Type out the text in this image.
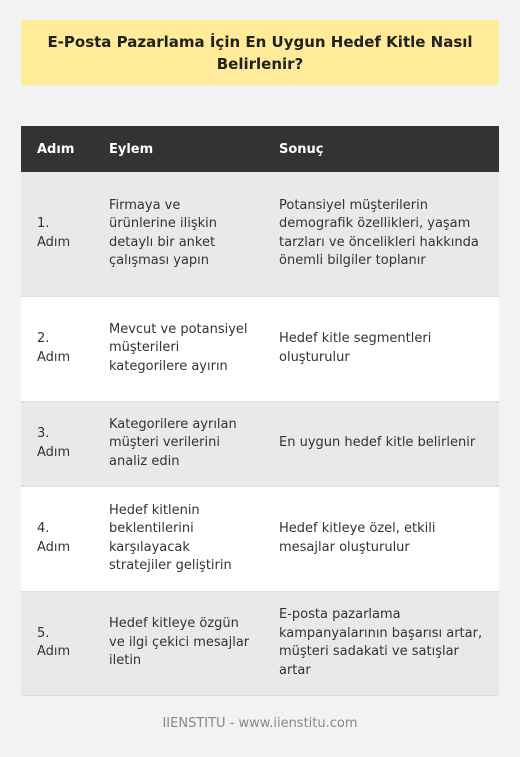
E-Posta Pazarlama İçin En Uygun Hedef Kitle Nasıl Belirlenir?
Adım	Eylem	Sonuç
1. Adım	Firmaya ve ürünlerine ilişkin detaylı bir anket çalışması yapın	Potansiyel müşterilerin demografik özellikleri, yaşam tarzları ve öncelikleri hakkında önemli bilgiler toplanır
2. Adım	Mevcut ve potansiyel müşterileri kategorilere ayırın	Hedef kitle segmentleri oluşturulur
3. Adım	Kategorilere ayrılan müşteri verilerini analiz edin	En uygun hedef kitle belirlenir
4. Adım	Hedef kitlenin beklentilerini karşılayacak stratejiler geliştirin	Hedef kitleye özel, etkili mesajlar oluşturulur
5. Adım	Hedef kitleye özgün ve ilgi çekici mesajlar iletin	E-posta pazarlama kampanyalarının başarısı artar, müşteri sadakati ve satışlar artar
IIENSTITU - www.iienstitu.com
